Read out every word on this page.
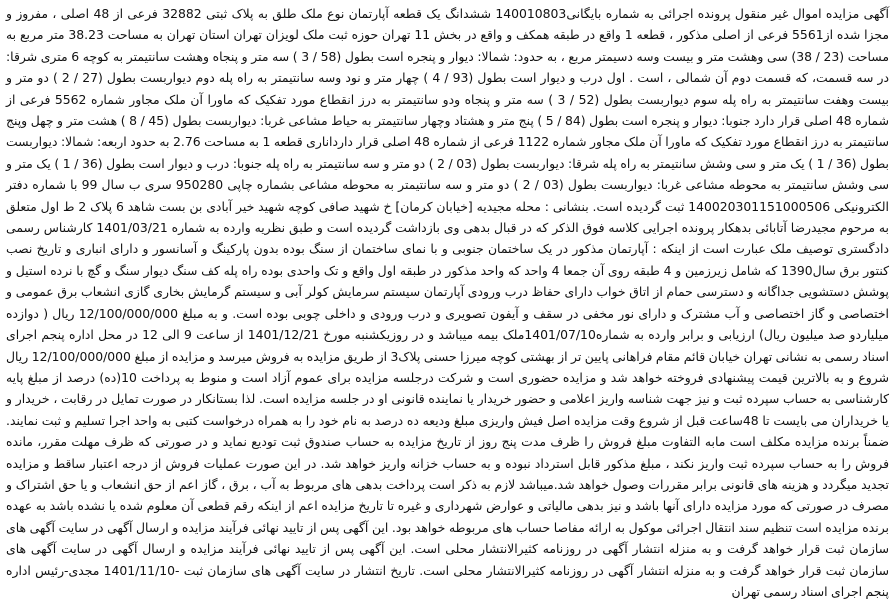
آگهی مزایده اموال غیر منقول پرونده اجرائی به شماره بایگانی140010803 ششدانگ یک قطعه آپارتمان نوع ملک طلق به پلاک ثبتی 32882 فرعی از 48 اصلی ، مفروز و مجزا شده از5561 فرعی از اصلی مذکور ، قطعه 1 واقع در طبقه همکف و واقع در بخش 11 تهران حوزه ثبت ملک لویزان تهران استان تهران به مساحت 38.23 متر مربع به مساحت (23 / 38) سی وهشت متر و بیست وسه دسیمتر مربع ، به حدود: شمالا: دیوار و پنجره است بطول (58 / 3 ) سه متر و پنجاه وهشت سانتیمتر به کوچه 6 متری شرقا: در سه قسمت، که قسمت دوم آن شمالی ، است . اول درب و دیوار است بطول (93 / 4 ) چهار متر و نود وسه سانتیمتر به راه پله دوم دیواربست بطول (27 / 2 ) دو متر و بیست وهفت سانتیمتر به راه پله سوم دیواربست بطول (52 / 3 ) سه متر و پنجاه ودو سانتیمتر به درز انقطاع مورد تفکیک که ماورا آن ملک مجاور شماره 5562 فرعی از شماره 48 اصلی قرار دارد جنوبا: دیوار و پنجره است بطول (84 / 5 ) پنج متر و هشتاد وچهار سانتیمتر به حیاط مشاعی غربا: دیواربست بطول (45 / 8 ) هشت متر و چهل وپنج سانتیمتر به درز انقطاع مورد تفکیک که ماورا آن ملک مجاور شماره 1122 فرعی از شماره 48 اصلی قرار دارداناری قطعه 1 به مساحت 2.76 به حدود اربعه: شمالا: دیواربست بطول (36 / 1 ) یک متر و سی وشش سانتیمتر به راه پله شرقا: دیواربست بطول (03 / 2 ) دو متر و سه سانتیمتر به راه پله جنوبا: درب و دیوار است بطول (36 / 1 ) یک متر و سی وشش سانتیمتر به محوطه مشاعی غربا: دیواربست بطول (03 / 2 ) دو متر و سه سانتیمتر به محوطه مشاعی بشماره چاپی 950280 سری ب سال 99 با شماره دفتر الکترونیکی 140020301151000506 ثبت گردیده است. بنشانی : محله مجیدیه [خیابان کرمان] خ شهید صافی کوچه شهید خیر آبادی بن بست شاهد 6 پلاک 2 ط اول متعلق به مرحوم مجیدرضا آتابائی بدهکار پرونده اجرایی کلاسه فوق الذکر که در قبال بدهی وی بازداشت گردیده است و طبق نظریه وارده به شماره 1401/03/21 کارشناس رسمی دادگستری توصیف ملک عبارت است از اینکه : آپارتمان مذکور در یک ساختمان جنوبی و با نمای ساختمان از سنگ بوده بدون پارکینگ و آسانسور و دارای انباری و تاریخ نصب کنتور برق سال1390 که شامل زیرزمین و 4 طبقه روی آن جمعا 4 واحد که واحد مذکور در طبقه اول واقع و تک واحدی بوده راه پله کف سنگ دیوار سنگ و گچ با نرده استیل و پوشش دستشویی جداگانه و دسترسی حمام از اتاق خواب دارای حفاظ درب ورودی آپارتمان سیستم سرمایش کولر آبی و سیستم گرمایش بخاری گازی انشعاب برق عمومی و اختصاصی و گاز اختصاصی و آب مشترک و دارای نور مخفی در سقف و آیفون تصویری و درب ورودی و داخلی چوبی بوده است. و به مبلغ 12/100/000/000 ریال ( دوازده میلیاردو صد میلیون ریال) ارزیابی و برابر وارده به شماره1401/07/10ملک بیمه میباشد و در روزیکشنبه مورخ 1401/12/21 از ساعت 9 الی 12 در محل اداره پنجم اجرای اسناد رسمی به نشانی تهران خیابان قائم مقام فراهانی پایین تر از بهشتی کوچه میرزا حسنی پلاک3 از طریق مزایده به فروش میرسد و مزایده از مبلغ 12/100/000/000 ریال شروع و به بالاترین قیمت پیشنهادی فروخته خواهد شد و مزایده حضوری است و شرکت درجلسه مزایده برای عموم آزاد است و منوط به پرداخت 10(ده) درصد از مبلغ پایه کارشناسی به حساب سپرده ثبت و نیز جهت شناسه واریز اعلامی و حضور خریدار یا نماینده قانونی او در جلسه مزایده است. لذا بستانکار در صورت تمایل در رقابت ، خریدار و یا خریداران می بایست تا 48ساعت قبل از شروع وقت مزایده اصل فیش واریزی مبلغ ودیعه ده درصد به نام خود را به همراه درخواست کتبی به واحد اجرا تسلیم و ثبت نمایند. ضمناً برنده مزایده مکلف است مابه التفاوت مبلغ فروش را ظرف مدت پنج روز از تاریخ مزایده به حساب صندوق ثبت تودیع نماید و در صورتی که ظرف مهلت مقرر، مانده فروش را به حساب سپرده ثبت واریز نکند ، مبلغ مذکور قابل استرداد نبوده و به حساب خزانه واریز خواهد شد. در این صورت عملیات فروش از درجه اعتبار ساقط و مزایده تجدید میگردد و هزینه های قانونی برابر مقررات وصول خواهد شد.میباشد لازم به ذکر است پرداخت بدهی های مربوط به آب ، برق ، گاز اعم از حق انشعاب و یا حق اشتراک و مصرف در صورتی که مورد مزایده دارای آنها باشد و نیز بدهی مالیاتی و عوارض شهرداری و غیره تا تاریخ مزایده اعم از اینکه رقم قطعی آن معلوم شده یا نشده باشد به عهده برنده مزایده است تنظیم سند انتقال اجرائی موکول به ارائه مفاصا حساب های مربوطه خواهد بود. این آگهی پس از تایید نهائی فرآیند مزایده و ارسال آگهی در سایت آگهی های سازمان ثبت قرار خواهد گرفت و به منزله انتشار آگهی در روزنامه کثیرالانتشار محلی است. این آگهی پس از تایید نهائی فرآیند مزایده و ارسال آگهی در سایت آگهی های سازمان ثبت قرار خواهد گرفت و به منزله انتشار آگهی در روزنامه کثیرالانتشار محلی است. تاریخ انتشار در سایت آگهی های سازمان ثبت -1401/11/10 مجدی-رئیس اداره پنجم اجرای اسناد رسمی تهران
